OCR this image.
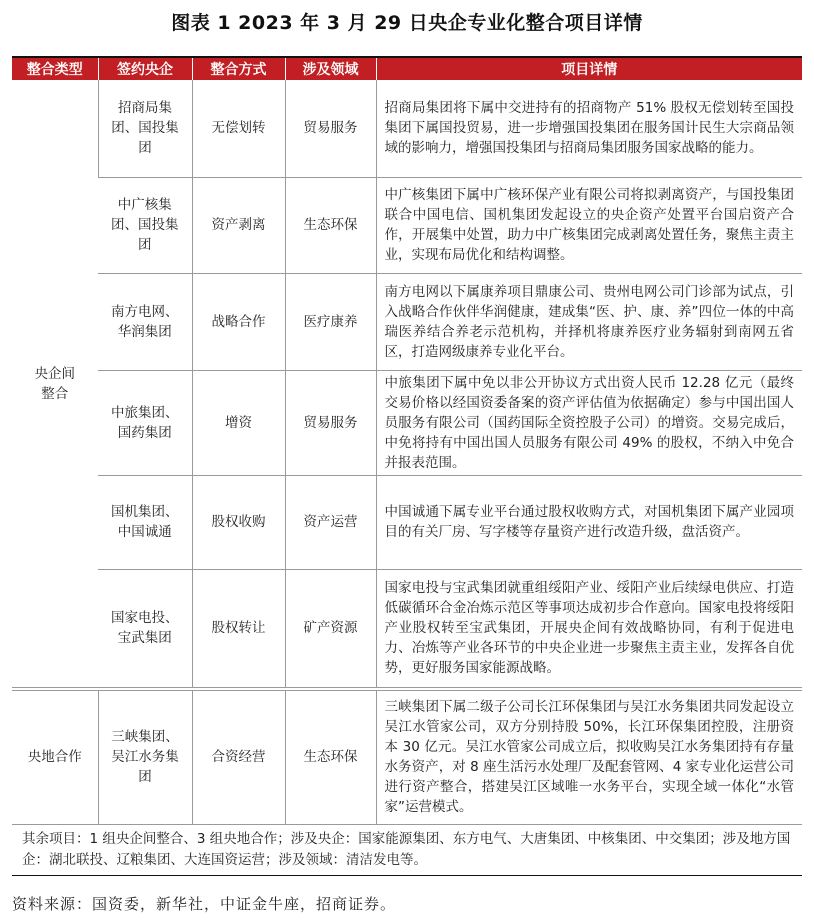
图表 1 2023 年 3 月 29 日央企专业化整合项目详情
整合类型	签约央企	整合方式	涉及领域	项目详情
央企间整合	招商局集团、国投集团	无偿划转	贸易服务	招商局集团将下属中交进持有的招商物产 51% 股权无偿划转至国投集团下属国投贸易，进一步增强国投集团在服务国计民生大宗商品领域的影响力，增强国投集团与招商局集团服务国家战略的能力。
	中广核集团、国投集团	资产剥离	生态环保	中广核集团下属中广核环保产业有限公司将拟剥离资产，与国投集团联合中国电信、国机集团发起设立的央企资产处置平台国启资产合作，开展集中处置，助力中广核集团完成剥离处置任务，聚焦主责主业，实现布局优化和结构调整。
	南方电网、华润集团	战略合作	医疗康养	南方电网以下属康养项目鼎康公司、贵州电网公司门诊部为试点，引入战略合作伙伴华润健康，建成集“医、护、康、养”四位一体的中高瑞医养结合养老示范机构，并择机将康养医疗业务辐射到南网五省区，打造网级康养专业化平台。
	中旅集团、国药集团	增资	贸易服务	中旅集团下属中免以非公开协议方式出资人民币 12.28 亿元（最终交易价格以经国资委备案的资产评估值为依据确定）参与中国出国人员服务有限公司（国药国际全资控股子公司）的增资。交易完成后，中免将持有中国出国人员服务有限公司 49% 的股权，不纳入中免合并报表范围。
	国机集团、中国诚通	股权收购	资产运营	中国诚通下属专业平台通过股权收购方式，对国机集团下属产业园项目的有关厂房、写字楼等存量资产进行改造升级，盘活资产。
	国家电投、宝武集团	股权转让	矿产资源	国家电投与宝武集团就重组绥阳产业、绥阳产业后续绿电供应、打造低碳循环合金冶炼示范区等事项达成初步合作意向。国家电投将绥阳产业股权转至宝武集团，开展央企间有效战略协同，有利于促进电力、冶炼等产业各环节的中央企业进一步聚焦主责主业，发挥各自优势，更好服务国家能源战略。
央地合作	三峡集团、吴江水务集团	合资经营	生态环保	三峡集团下属二级子公司长江环保集团与吴江水务集团共同发起设立吴江水管家公司，双方分别持股 50%，长江环保集团控股，注册资本 30 亿元。吴江水管家公司成立后，拟收购吴江水务集团持有存量水务资产，对 8 座生活污水处理厂及配套管网、4 家专业化运营公司进行资产整合，搭建吴江区域唯一水务平台，实现全域一体化“水管家”运营模式。
其余项目：1 组央企间整合、3 组央地合作；涉及央企：国家能源集团、东方电气、大唐集团、中核集团、中交集团；涉及地方国企：湖北联投、辽粮集团、大连国资运营；涉及领域：清洁发电等。				
资料来源：国资委，新华社，中证金牛座，招商证券。
